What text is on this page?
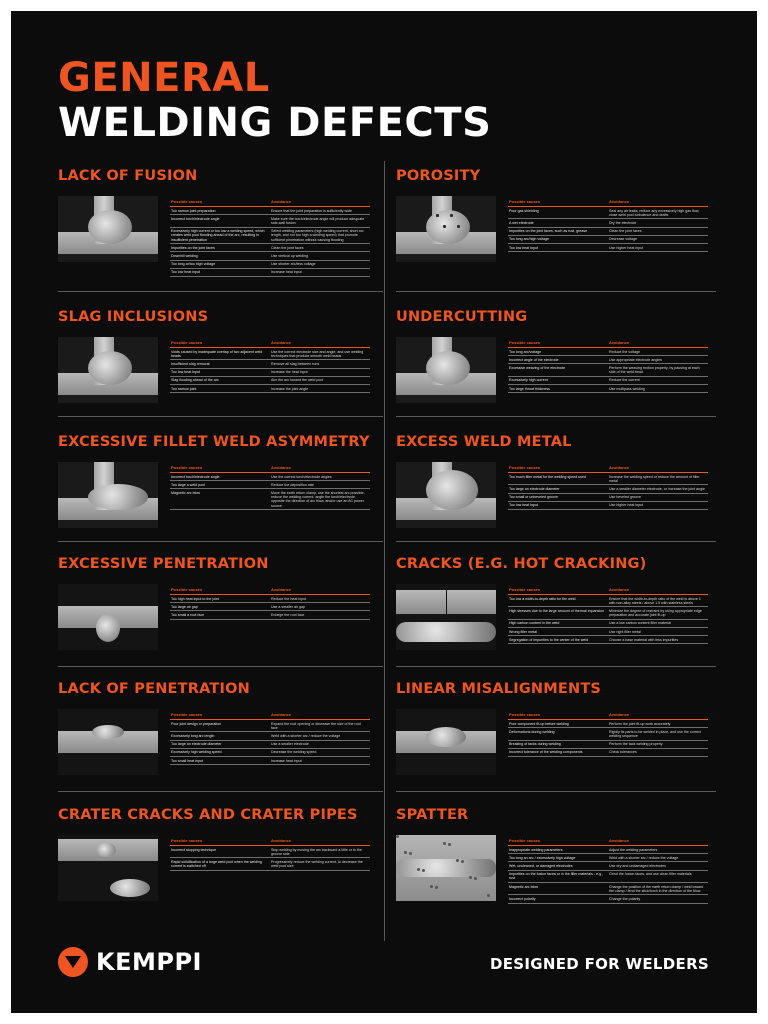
GENERAL
WELDING DEFECTS
LACK OF FUSION
Possible causes	Avoidance
Too narrow joint preparation	Ensure that the joint preparation is sufficiently wide
Incorrect torch/electrode angle	Make sure the torch/electrode angle will produce adequate side-wall fusion
Excessively high current or too low a welding speed, which creates weld pool flooding ahead of the arc, resulting in insufficient penetration	Select welding parameters (high welding current, short arc length, and not too high a welding speed) that promote sufficient penetration without causing flooding
Impurities on the joint faces	Clean the joint faces
Downhill welding	Use vertical up welding
Too long or/too high voltage	Use shorter arc/less voltage
Too low heat input	Increase heat input
POROSITY
Possible causes	Avoidance
Poor gas shielding	Seal any air leaks, reduce any excessively high gas flow, close weld pool turbulence and drafts
A wet electrode	Dry the electrode
Impurities on the joint faces, such as rust, grease	Clean the joint faces
Too long arc/high voltage	Decrease voltage
Too low heat input	Use higher heat input
SLAG INCLUSIONS
Possible causes	Avoidance
Voids caused by inadequate overlap of two adjacent weld beads	Use the correct electrode size and angle, and use welding techniques that produce smooth weld beads
Insufficient slag removal	Remove all slag between runs
Too low heat input	Increase the heat input
Slag flooding ahead of the arc	Aim the arc toward the weld pool
Too narrow joint	Increase the joint angle
UNDERCUTTING
Possible causes	Avoidance
Too long arc/voltage	Reduce the voltage
Incorrect angle of the electrode	Use appropriate electrode angles
Excessive weaving of the electrode	Perform the weaving motion properly, by pausing at each side of the weld bead
Excessively high current	Reduce the current
Too large throat thickness	Use multipass welding
EXCESSIVE FILLET WELD ASYMMETRY
Possible causes	Avoidance
Incorrect torch/electrode angle	Use the correct torch/electrode angles
Too large a weld pool	Reduce the deposition rate
Magnetic arc blow	Move the earth return clamp, use the shortest arc possible, reduce the welding current, angle the torch/electrode opposite the direction of arc blow, and/or use an AC power source
EXCESS WELD METAL
Possible causes	Avoidance
Too much filler metal for the welding speed used	Increase the welding speed or reduce the amount of filler metal
Too large an electrode diameter	Use a smaller diameter electrode, or increase the joint angle
Too small or unbeveled groove	Use beveled groove
Too low heat input	Use higher heat input
EXCESSIVE PENETRATION
Possible causes	Avoidance
Too high heat input to the joint	Reduce the heat input
Too large air gap	Use a smaller air gap
Too small a root face	Enlarge the root face
CRACKS (E.G. HOT CRACKING)
Possible causes	Avoidance
Too low a width-to-depth ratio for the weld	Ensure that the width-to-depth ratio of the weld is above 1 with non-alloy steels / above 1.5 with stainless steels
High stresses due to the large amount of thermal expansion	Minimize the degree of restraint by using appropriate edge preparation and accurate joint fit-up
High carbon content in the weld	Use a low carbon content filler material
Wrong filler metal	Use right filler metal
Segregation of impurities to the center of the weld	Choose a base material with less impurities
LACK OF PENETRATION
Possible causes	Avoidance
Poor joint design or preparation	Expand the root opening or decrease the size of the root face
Excessively long arc length	Weld with a shorter arc / reduce the voltage
Too large an electrode diameter	Use a smaller electrode
Excessively high welding speed	Decrease the welding speed
Too small heat input	Increase heat input
LINEAR MISALIGNMENTS
Possible causes	Avoidance
Poor component fit-up before welding	Perform the joint fit-up work accurately
Deformations during welding	Rigidly fix parts to be welded in place, and use the correct welding sequence
Breaking of tacks during welding	Perform the tack welding properly
Incorrect tolerance of the welding components	Check tolerances
CRATER CRACKS AND CRATER PIPES
Possible causes	Avoidance
Incorrect stopping technique	Stop welding by moving the arc backward a little or to the groove side
Rapid solidification of a large weld pool when the welding current is switched off	Progressively reduce the welding current, to decrease the weld pool size
SPATTER
Possible causes	Avoidance
Inappropriate welding parameters	Adjust the welding parameters
Too long an arc / excessively high voltage	Weld with a shorter arc / reduce the voltage
Wet, uncleaned, or damaged electrodes	Use dry and undamaged electrodes
Impurities on the fusion faces or in the filler materials - e.g., rust	Grind the fusion faces, and use clean filler materials
Magnetic arc blow	Change the position of the earth return clamp / weld toward the clamp / tend the stick/torch in the direction of the blow
Incorrect polarity	Change the polarity
KEMPPI	DESIGNED FOR WELDERS
